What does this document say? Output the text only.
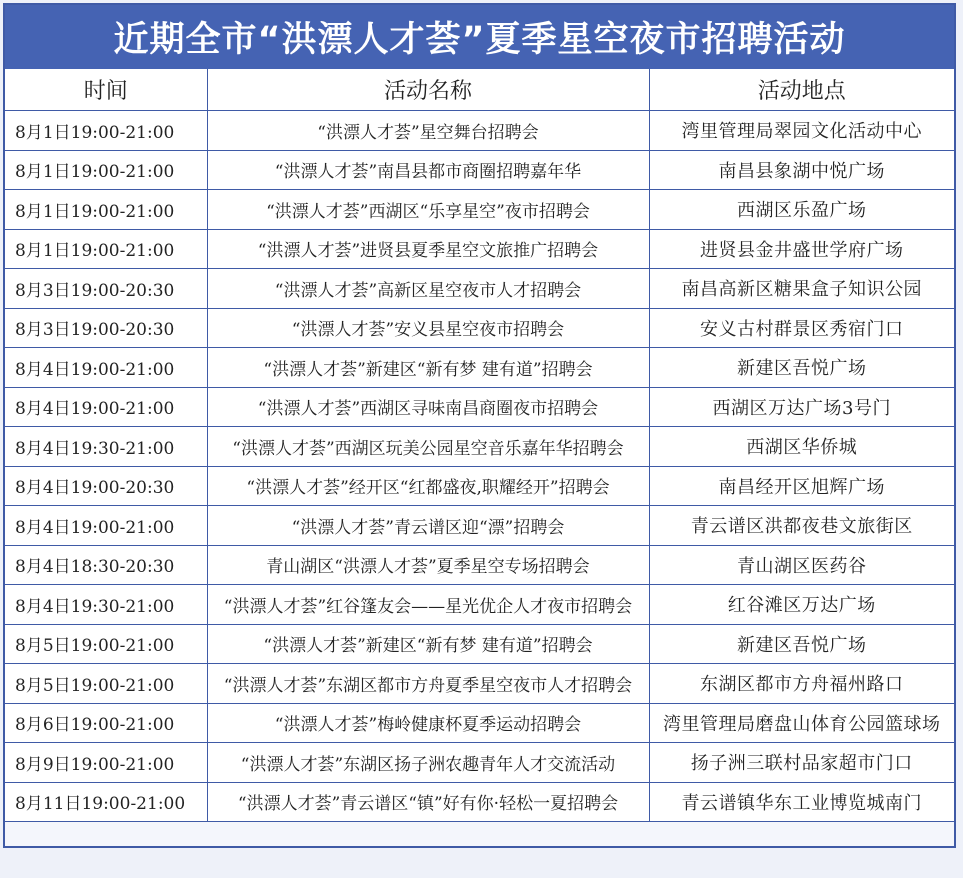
近期全市“洪漂人才荟”夏季星空夜市招聘活动
时间	活动名称	活动地点
8月1日19:00-21:00	“洪漂人才荟”星空舞台招聘会	湾里管理局翠园文化活动中心
8月1日19:00-21:00	“洪漂人才荟”南昌县都市商圈招聘嘉年华	南昌县象湖中悦广场
8月1日19:00-21:00	“洪漂人才荟”西湖区“乐享星空”夜市招聘会	西湖区乐盈广场
8月1日19:00-21:00	“洪漂人才荟”进贤县夏季星空文旅推广招聘会	进贤县金井盛世学府广场
8月3日19:00-20:30	“洪漂人才荟”高新区星空夜市人才招聘会	南昌高新区糖果盒子知识公园
8月3日19:00-20:30	“洪漂人才荟”安义县星空夜市招聘会	安义古村群景区秀宿门口
8月4日19:00-21:00	“洪漂人才荟”新建区“新有梦 建有道”招聘会	新建区吾悦广场
8月4日19:00-21:00	“洪漂人才荟”西湖区寻味南昌商圈夜市招聘会	西湖区万达广场3号门
8月4日19:30-21:00	“洪漂人才荟”西湖区玩美公园星空音乐嘉年华招聘会	西湖区华侨城
8月4日19:00-20:30	“洪漂人才荟”经开区“红都盛夜,职耀经开”招聘会	南昌经开区旭辉广场
8月4日19:00-21:00	“洪漂人才荟”青云谱区迎“漂”招聘会	青云谱区洪都夜巷文旅街区
8月4日18:30-20:30	青山湖区“洪漂人才荟”夏季星空专场招聘会	青山湖区医药谷
8月4日19:30-21:00	“洪漂人才荟”红谷篷友会——星光优企人才夜市招聘会	红谷滩区万达广场
8月5日19:00-21:00	“洪漂人才荟”新建区“新有梦 建有道”招聘会	新建区吾悦广场
8月5日19:00-21:00	“洪漂人才荟”东湖区都市方舟夏季星空夜市人才招聘会	东湖区都市方舟福州路口
8月6日19:00-21:00	“洪漂人才荟”梅岭健康杯夏季运动招聘会	湾里管理局磨盘山体育公园篮球场
8月9日19:00-21:00	“洪漂人才荟”东湖区扬子洲农趣青年人才交流活动	扬子洲三联村品家超市门口
8月11日19:00-21:00	“洪漂人才荟”青云谱区“镇”好有你·轻松一夏招聘会	青云谱镇华东工业博览城南门
